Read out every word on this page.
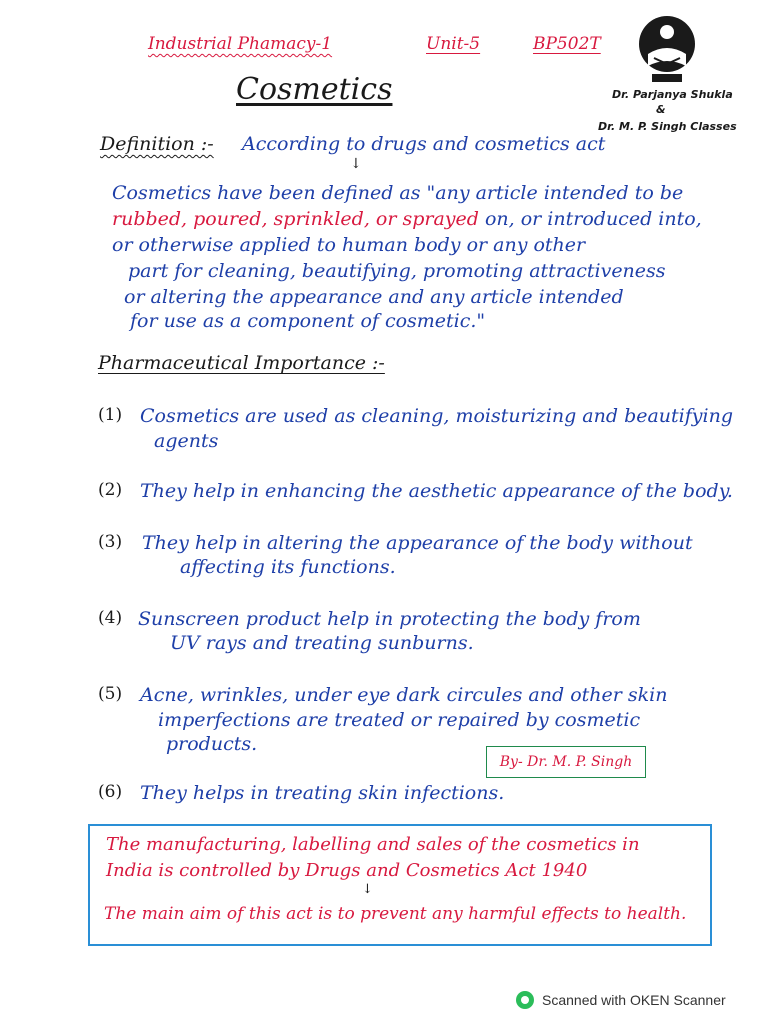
Industrial Phamacy-1	Unit-5	BP502T
Dr. Parjanya Shukla
&
Dr. M. P. Singh Classes
Cosmetics
Definition :- According to drugs and cosmetics act
↓
Cosmetics have been defined as "any article intended to be
rubbed, poured, sprinkled, or sprayed on, or introduced into,
or otherwise applied to human body or any other
part for cleaning, beautifying, promoting attractiveness
or altering the appearance and any article intended
for use as a component of cosmetic."
Pharmaceutical Importance :-
(1) Cosmetics are used as cleaning, moisturizing and beautifying
agents
(2) They help in enhancing the aesthetic appearance of the body.
(3) They help in altering the appearance of the body without
affecting its functions.
(4) Sunscreen product help in protecting the body from
UV rays and treating sunburns.
(5) Acne, wrinkles, under eye dark circules and other skin
imperfections are treated or repaired by cosmetic
products.
By- Dr. M. P. Singh
(6) They helps in treating skin infections.
The manufacturing, labelling and sales of the cosmetics in
India is controlled by Drugs and Cosmetics Act 1940
↓
The main aim of this act is to prevent any harmful effects to health.
Scanned with OKEN Scanner
